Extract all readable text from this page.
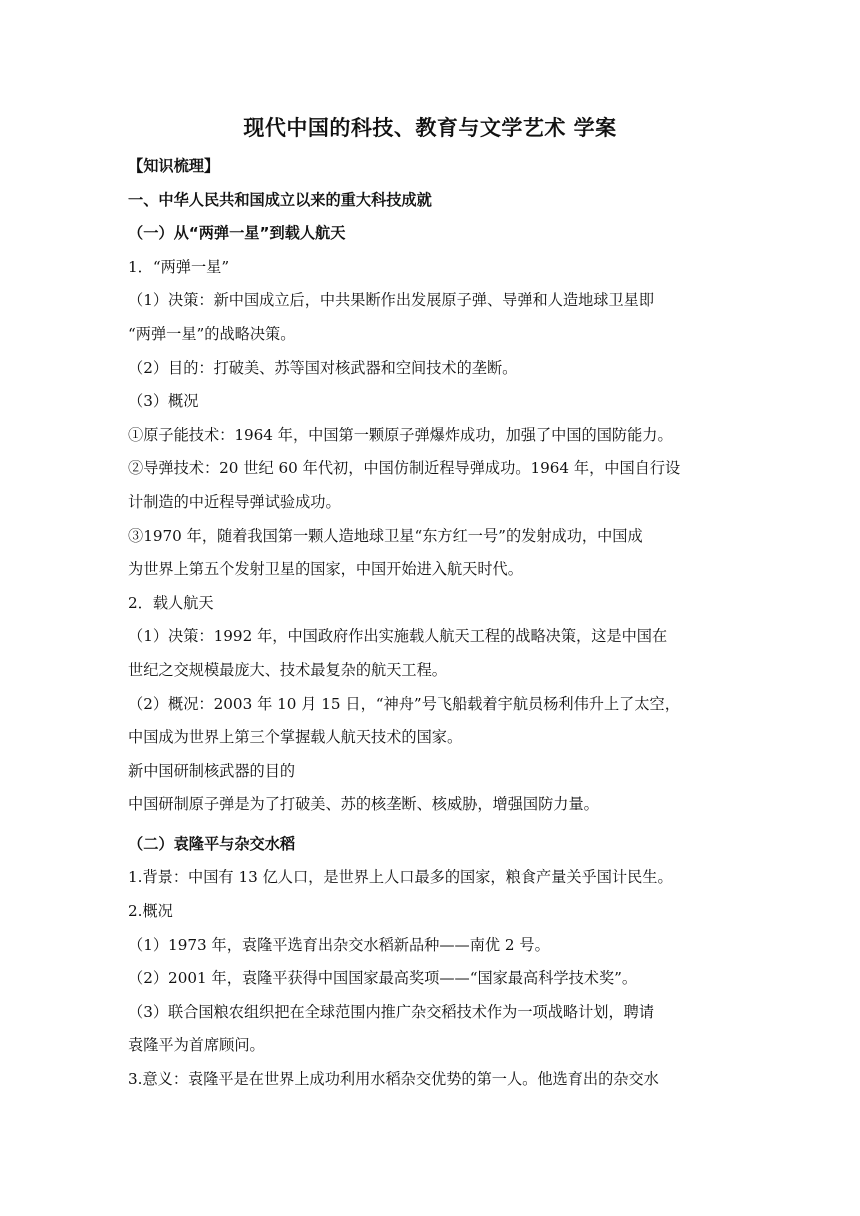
现代中国的科技、教育与文学艺术 学案
【知识梳理】
一、中华人民共和国成立以来的重大科技成就
（一）从“两弹一星”到载人航天
1．“两弹一星”
（1）决策：新中国成立后，中共果断作出发展原子弹、导弹和人造地球卫星即
“两弹一星”的战略决策。
（2）目的：打破美、苏等国对核武器和空间技术的垄断。
（3）概况
①原子能技术：1964 年，中国第一颗原子弹爆炸成功，加强了中国的国防能力。
②导弹技术：20 世纪 60 年代初，中国仿制近程导弹成功。1964 年，中国自行设
计制造的中近程导弹试验成功。
③1970 年，随着我国第一颗人造地球卫星“东方红一号”的发射成功，中国成
为世界上第五个发射卫星的国家，中国开始进入航天时代。
2．载人航天
（1）决策：1992 年，中国政府作出实施载人航天工程的战略决策，这是中国在
世纪之交规模最庞大、技术最复杂的航天工程。
（2）概况：2003 年 10 月 15 日，“神舟”号飞船载着宇航员杨利伟升上了太空，
中国成为世界上第三个掌握载人航天技术的国家。
新中国研制核武器的目的
中国研制原子弹是为了打破美、苏的核垄断、核威胁，增强国防力量。
（二）袁隆平与杂交水稻
1.背景：中国有 13 亿人口，是世界上人口最多的国家，粮食产量关乎国计民生。
2.概况
（1）1973 年，袁隆平选育出杂交水稻新品种——南优 2 号。
（2）2001 年，袁隆平获得中国国家最高奖项——“国家最高科学技术奖”。
（3）联合国粮农组织把在全球范围内推广杂交稻技术作为一项战略计划，聘请
袁隆平为首席顾问。
3.意义：袁隆平是在世界上成功利用水稻杂交优势的第一人。他选育出的杂交水
